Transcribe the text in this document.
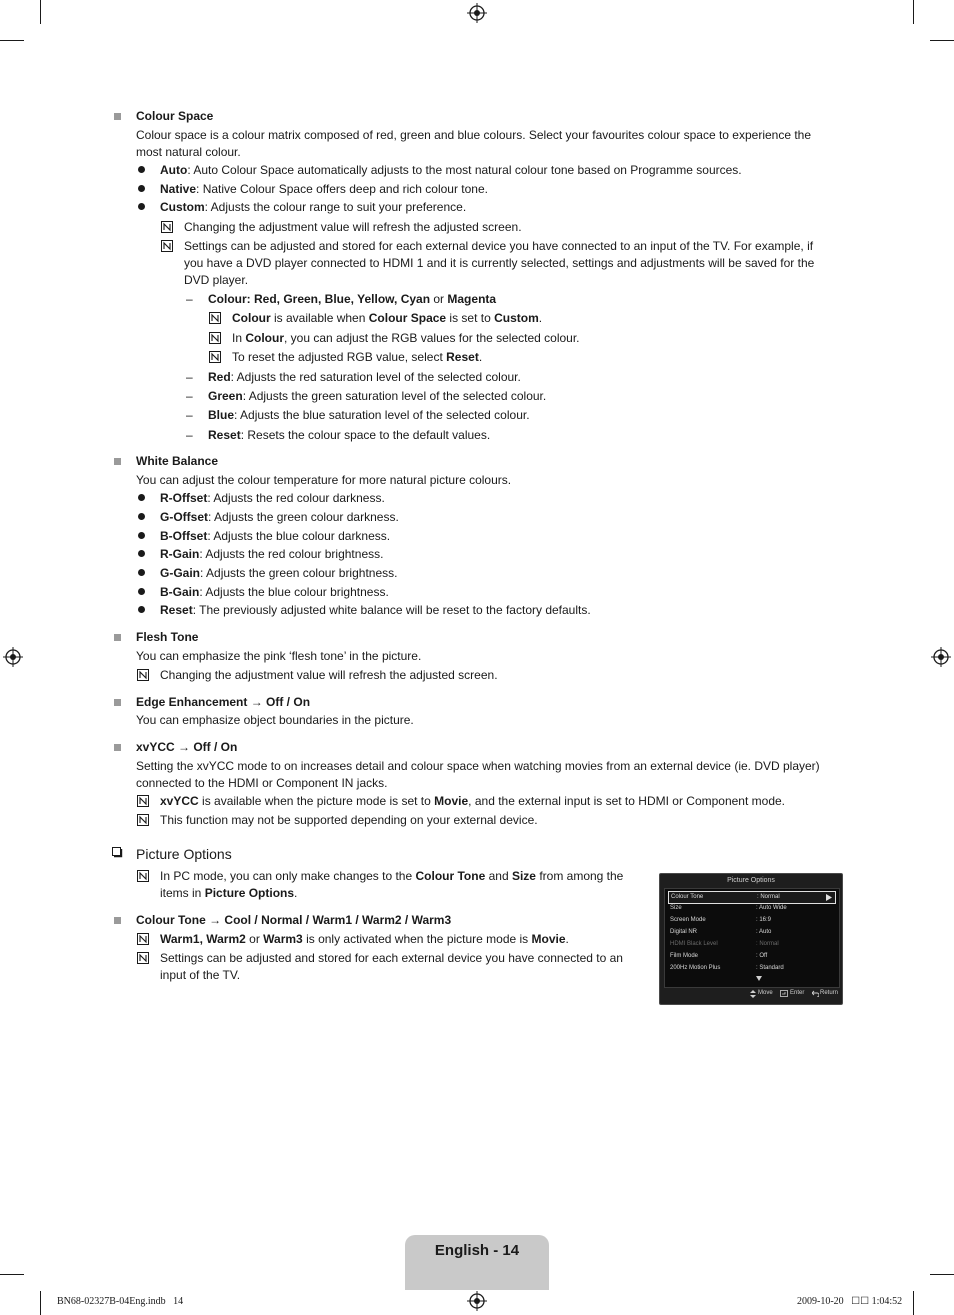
Colour Space
Colour space is a colour matrix composed of red, green and blue colours. Select your favourites colour space to experience the most natural colour.
Auto: Auto Colour Space automatically adjusts to the most natural colour tone based on Programme sources.
Native: Native Colour Space offers deep and rich colour tone.
Custom: Adjusts the colour range to suit your preference.
Changing the adjustment value will refresh the adjusted screen.
Settings can be adjusted and stored for each external device you have connected to an input of the TV. For example, if you have a DVD player connected to HDMI 1 and it is currently selected, settings and adjustments will be saved for the DVD player.
– Colour: Red, Green, Blue, Yellow, Cyan or Magenta
Colour is available when Colour Space is set to Custom.
In Colour, you can adjust the RGB values for the selected colour.
To reset the adjusted RGB value, select Reset.
– Red: Adjusts the red saturation level of the selected colour.
– Green: Adjusts the green saturation level of the selected colour.
– Blue: Adjusts the blue saturation level of the selected colour.
– Reset: Resets the colour space to the default values.
White Balance
You can adjust the colour temperature for more natural picture colours.
R-Offset: Adjusts the red colour darkness.
G-Offset: Adjusts the green colour darkness.
B-Offset: Adjusts the blue colour darkness.
R-Gain: Adjusts the red colour brightness.
G-Gain: Adjusts the green colour brightness.
B-Gain: Adjusts the blue colour brightness.
Reset: The previously adjusted white balance will be reset to the factory defaults.
Flesh Tone
You can emphasize the pink ‘flesh tone’ in the picture.
Changing the adjustment value will refresh the adjusted screen.
Edge Enhancement → Off / On
You can emphasize object boundaries in the picture.
xvYCC → Off / On
Setting the xvYCC mode to on increases detail and colour space when watching movies from an external device (ie. DVD player) connected to the HDMI or Component IN jacks.
xvYCC is available when the picture mode is set to Movie, and the external input is set to HDMI or Component mode.
This function may not be supported depending on your external device.
Picture Options
In PC mode, you can only make changes to the Colour Tone and Size from among the items in Picture Options.
Colour Tone → Cool / Normal / Warm1 / Warm2 / Warm3
Warm1, Warm2 or Warm3 is only activated when the picture mode is Movie.
Settings can be adjusted and stored for each external device you have connected to an input of the TV.
Picture Options
Colour Tone	: Normal
Size	: Auto Wide
Screen Mode	: 16:9
Digital NR	: Auto
HDMI Black Level	: Normal
Film Mode	: Off
200Hz Motion Plus	: Standard
Move	Enter	Return
English - 14
BN68-02327B-04Eng.indb   14	2009-10-20   ☐☐ 1:04:52
